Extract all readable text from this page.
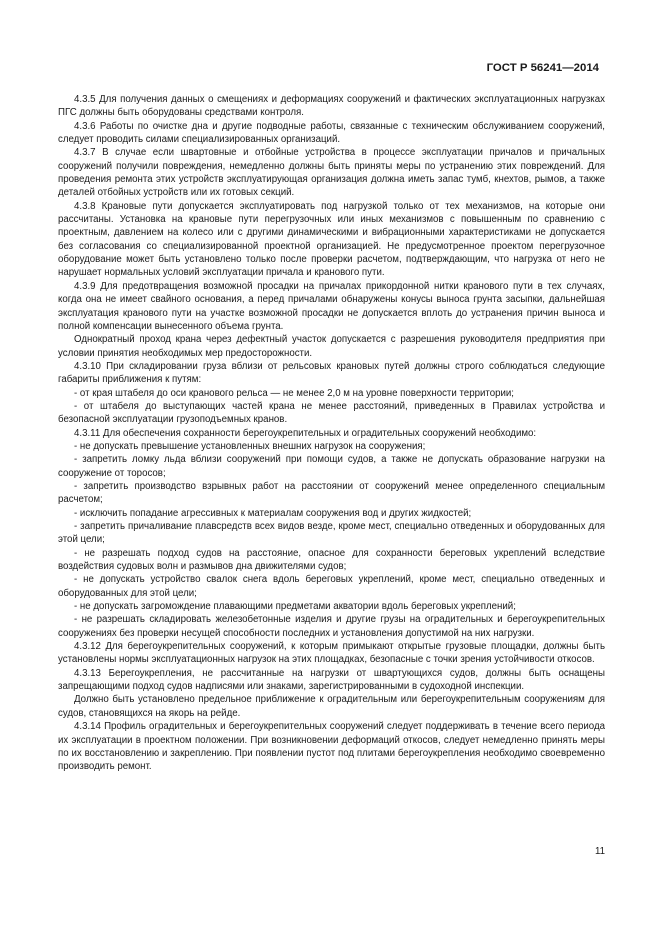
ГОСТ Р 56241—2014

4.3.5 Для получения данных о смещениях и деформациях сооружений и фактических эксплуатационных нагрузках ПГС должны быть оборудованы средствами контроля.

4.3.6 Работы по очистке дна и другие подводные работы, связанные с техническим обслуживанием сооружений, следует проводить силами специализированных организаций.

4.3.7 В случае если швартовные и отбойные устройства в процессе эксплуатации причалов и причальных сооружений получили повреждения, немедленно должны быть приняты меры по устранению этих повреждений. Для проведения ремонта этих устройств эксплуатирующая организация должна иметь запас тумб, кнехтов, рымов, а также деталей отбойных устройств или их готовых секций.

4.3.8 Крановые пути допускается эксплуатировать под нагрузкой только от тех механизмов, на которые они рассчитаны. Установка на крановые пути перегрузочных или иных механизмов с повышенным по сравнению с проектным, давлением на колесо или с другими динамическими и вибрационными характеристиками не допускается без согласования со специализированной проектной организацией. Не предусмотренное проектом перегрузочное оборудование может быть установлено только после проверки расчетом, подтверждающим, что нагрузка от него не нарушает нормальных условий эксплуатации причала и кранового пути.

4.3.9 Для предотвращения возможной просадки на причалах прикордонной нитки кранового пути в тех случаях, когда она не имеет свайного основания, а перед причалами обнаружены конусы выноса грунта засыпки, дальнейшая эксплуатация кранового пути на участке возможной просадки не допускается вплоть до устранения причин выноса и полной компенсации вынесенного объема грунта.

Однократный проход крана через дефектный участок допускается с разрешения руководителя предприятия при условии принятия необходимых мер предосторожности.

4.3.10 При складировании груза вблизи от рельсовых крановых путей должны строго соблюдаться следующие габариты приближения к путям:

- от края штабеля до оси кранового рельса — не менее 2,0 м на уровне поверхности территории;

- от штабеля до выступающих частей крана не менее расстояний, приведенных в Правилах устройства и безопасной эксплуатации грузоподъемных кранов.

4.3.11 Для обеспечения сохранности берегоукрепительных и оградительных сооружений необходимо:

- не допускать превышение установленных внешних нагрузок на сооружения;

- запретить ломку льда вблизи сооружений при помощи судов, а также не допускать образование нагрузки на сооружение от торосов;

- запретить производство взрывных работ на расстоянии от сооружений менее определенного специальным расчетом;

- исключить попадание агрессивных к материалам сооружения вод и других жидкостей;

- запретить причаливание плавсредств всех видов везде, кроме мест, специально отведенных и оборудованных для этой цели;

- не разрешать подход судов на расстояние, опасное для сохранности береговых укреплений вследствие воздействия судовых волн и размывов дна движителями судов;

- не допускать устройство свалок снега вдоль береговых укреплений, кроме мест, специально отведенных и оборудованных для этой цели;

- не допускать загромождение плавающими предметами акватории вдоль береговых укреплений;

- не разрешать складировать железобетонные изделия и другие грузы на оградительных и берегоукрепительных сооружениях без проверки несущей способности последних и установления допустимой на них нагрузки.

4.3.12 Для берегоукрепительных сооружений, к которым примыкают открытые грузовые площадки, должны быть установлены нормы эксплуатационных нагрузок на этих площадках, безопасные с точки зрения устойчивости откосов.

4.3.13 Берегоукрепления, не рассчитанные на нагрузки от швартующихся судов, должны быть оснащены запрещающими подход судов надписями или знаками, зарегистрированными в судоходной инспекции.

Должно быть установлено предельное приближение к оградительным или берегоукрепительным сооружениям для судов, становящихся на якорь на рейде.

4.3.14 Профиль оградительных и берегоукрепительных сооружений следует поддерживать в течение всего периода их эксплуатации в проектном положении. При возникновении деформаций откосов, следует немедленно принять меры по их восстановлению и закреплению. При появлении пустот под плитами берегоукрепления необходимо своевременно производить ремонт.

11
